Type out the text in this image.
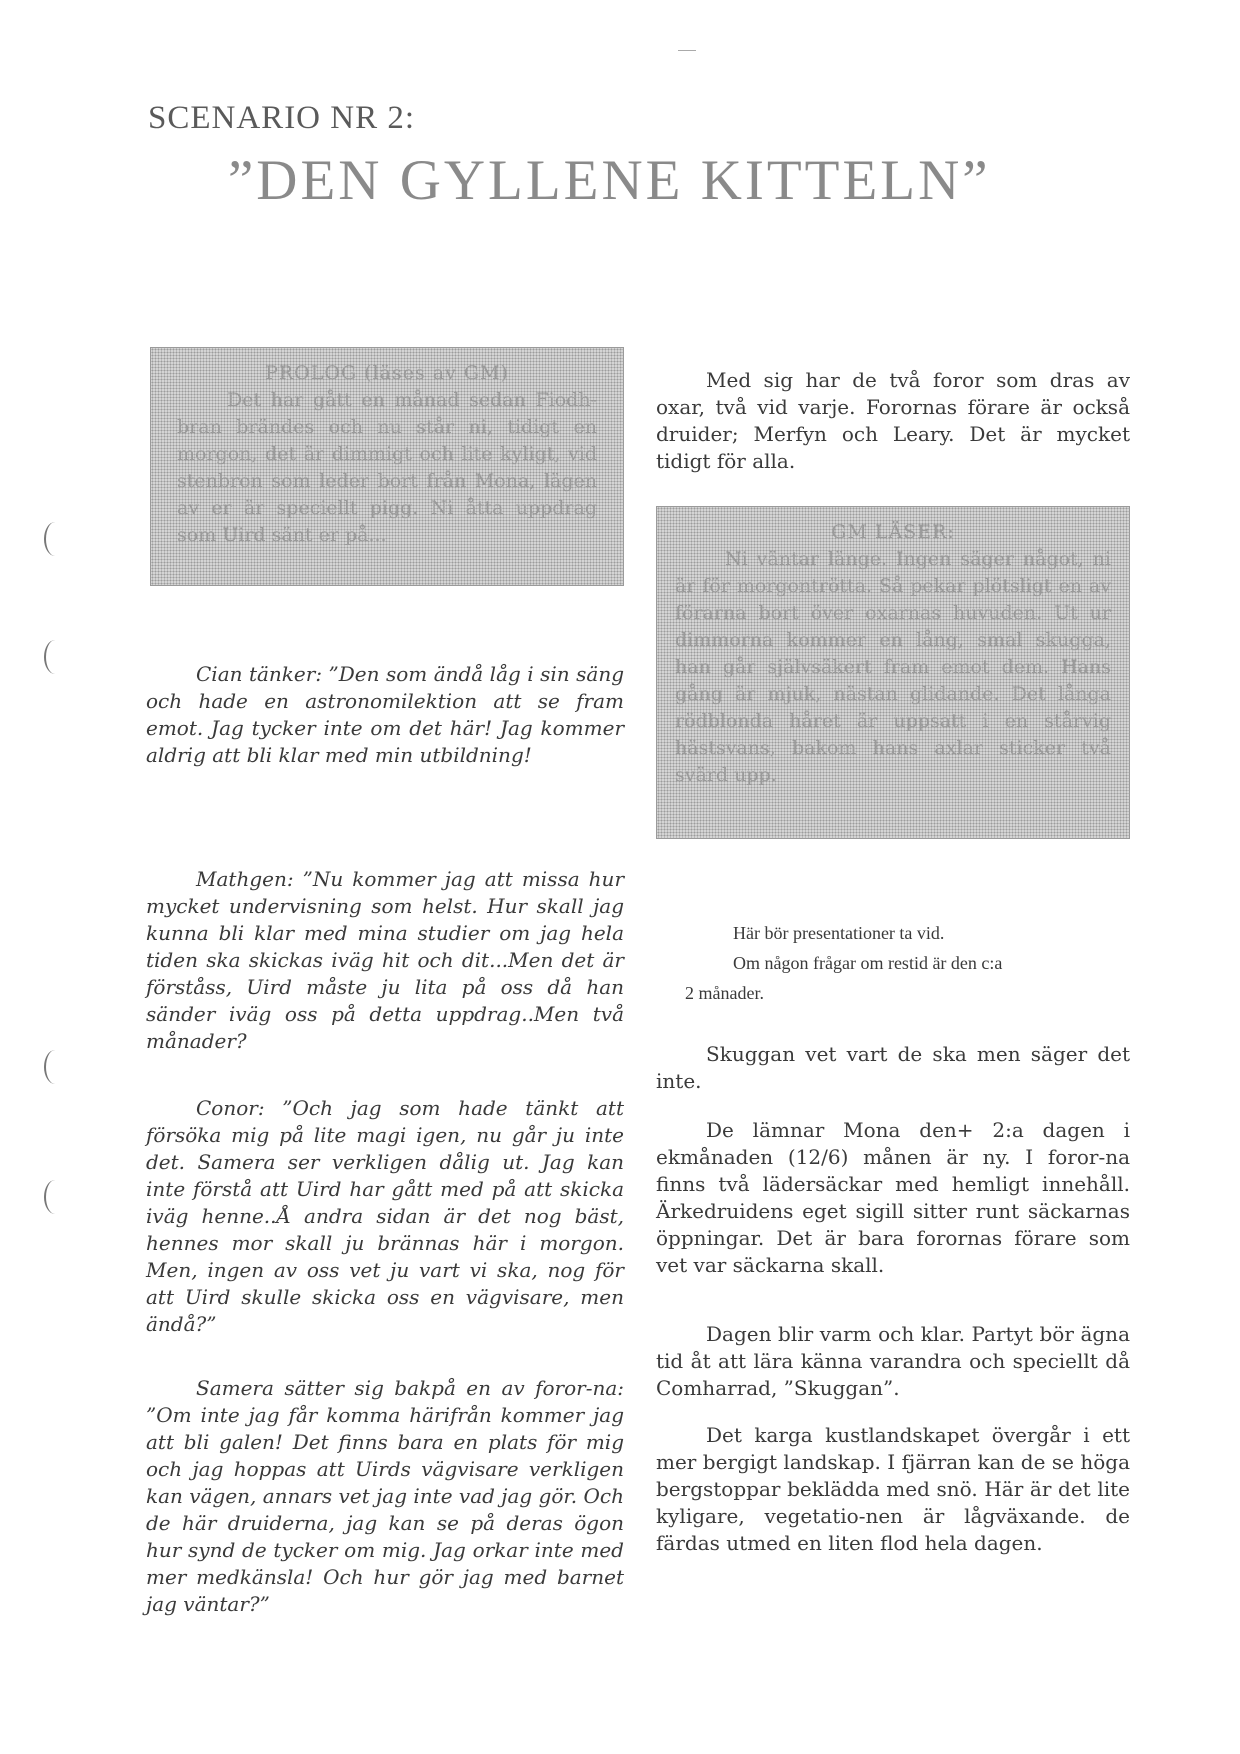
SCENARIO NR 2:
”DEN GYLLENE KITTELN”
PROLOG (läses av GM)
Det har gått en månad sedan Fiodh-bran brändes och nu står ni, tidigt en morgon, det är dimmigt och lite kyligt, vid stenbron som leder bort från Mona, lägen av er är speciellt pigg. Ni åtta uppdrag som Uird sänt er på...
Cian tänker: ”Den som ändå låg i sin säng och hade en astronomilektion att se fram emot. Jag tycker inte om det här! Jag kommer aldrig att bli klar med min utbildning!
Mathgen: ”Nu kommer jag att missa hur mycket undervisning som helst. Hur skall jag kunna bli klar med mina studier om jag hela tiden ska skickas iväg hit och dit...Men det är förståss, Uird måste ju lita på oss då han sänder iväg oss på detta uppdrag..Men två månader?
Conor: ”Och jag som hade tänkt att försöka mig på lite magi igen, nu går ju inte det. Samera ser verkligen dålig ut. Jag kan inte förstå att Uird har gått med på att skicka iväg henne..Å andra sidan är det nog bäst, hennes mor skall ju brännas här i morgon. Men, ingen av oss vet ju vart vi ska, nog för att Uird skulle skicka oss en vägvisare, men ändå?”
Samera sätter sig bakpå en av foror-na: ”Om inte jag får komma härifrån kommer jag att bli galen! Det finns bara en plats för mig och jag hoppas att Uirds vägvisare verkligen kan vägen, annars vet jag inte vad jag gör. Och de här druiderna, jag kan se på deras ögon hur synd de tycker om mig. Jag orkar inte med mer medkänsla! Och hur gör jag med barnet jag väntar?”
Med sig har de två foror som dras av oxar, två vid varje. Forornas förare är också druider; Merfyn och Leary. Det är mycket tidigt för alla.
GM LÄSER:
Ni väntar länge. Ingen säger något, ni är för morgontrötta. Så pekar plötsligt en av förarna bort över oxarnas huvuden. Ut ur dimmorna kommer en lång, smal skugga, han går självsäkert fram emot dem. Hans gång är mjuk, nästan glidande. Det långa rödblonda håret är uppsatt i en stårvig hästsvans, bakom hans axlar sticker två svärd upp.
Här bör presentationer ta vid.
Om någon frågar om restid är den c:a
2 månader.
Skuggan vet vart de ska men säger det inte.
De lämnar Mona den+ 2:a dagen i ekmånaden (12/6) månen är ny. I foror-na finns två lädersäckar med hemligt innehåll. Ärkedruidens eget sigill sitter runt säckarnas öppningar. Det är bara forornas förare som vet var säckarna skall.
Dagen blir varm och klar. Partyt bör ägna tid åt att lära känna varandra och speciellt då Comharrad, ”Skuggan”.
Det karga kustlandskapet övergår i ett mer bergigt landskap. I fjärran kan de se höga bergstoppar beklädda med snö. Här är det lite kyligare, vegetatio-nen är lågväxande. de färdas utmed en liten flod hela dagen.
